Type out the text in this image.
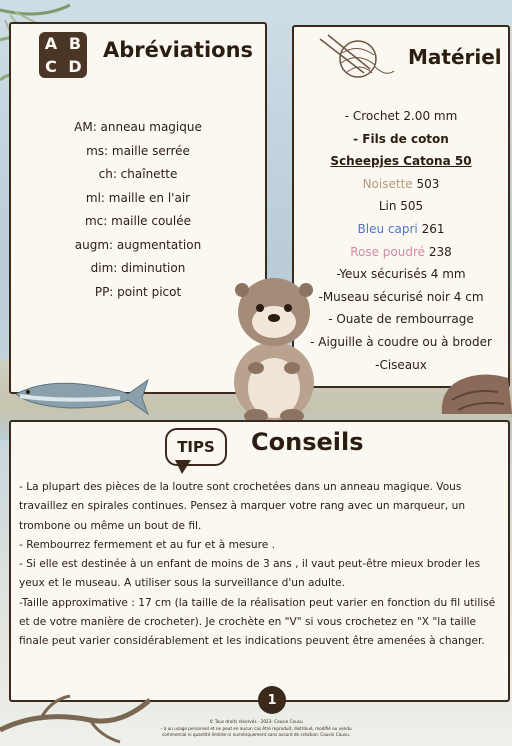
A B
C D
Abréviations
AM: anneau magique
ms: maille serrée
ch: chaînette
ml: maille en l'air
mc: maille coulée
augm: augmentation
dim: diminution
PP: point picot
Matériel
- Crochet 2.00 mm
- Fils de coton
Scheepjes Catona 50
Noisette 503
Lin 505
Bleu capri 261
Rose poudré 238
-Yeux sécurisés 4 mm
-Museau sécurisé noir 4 cm
- Ouate de rembourrage
- Aiguille à coudre ou à broder
-Ciseaux
TIPS	Conseils

- La plupart des pièces de la loutre sont crochetées dans un anneau magique. Vous travaillez en spirales continues. Pensez à marquer votre rang avec un marqueur, un trombone ou même un bout de fil.

- Rembourrez fermement et au fur et à mesure .

- Si elle est destinée à un enfant de moins de 3 ans , il vaut peut-être mieux broder les yeux et le museau. A utiliser sous la surveillance d'un adulte.

-Taille approximative : 17 cm (la taille de la réalisation peut varier en fonction du fil utilisé et de votre manière de crocheter). Je crochète en "V" si vous crochetez en "X "la taille finale peut varier considérablement et les indications peuvent être amenées à changer.

1
© Tous droits réservés - 2023- Cousin Cousu
– à un usage personnel et ne peut en aucun cas être reproduit, distribué, modifié ou vendu
commercial ni quantité limitée ni numériquement sans accord de création: Cousin Cousu.
